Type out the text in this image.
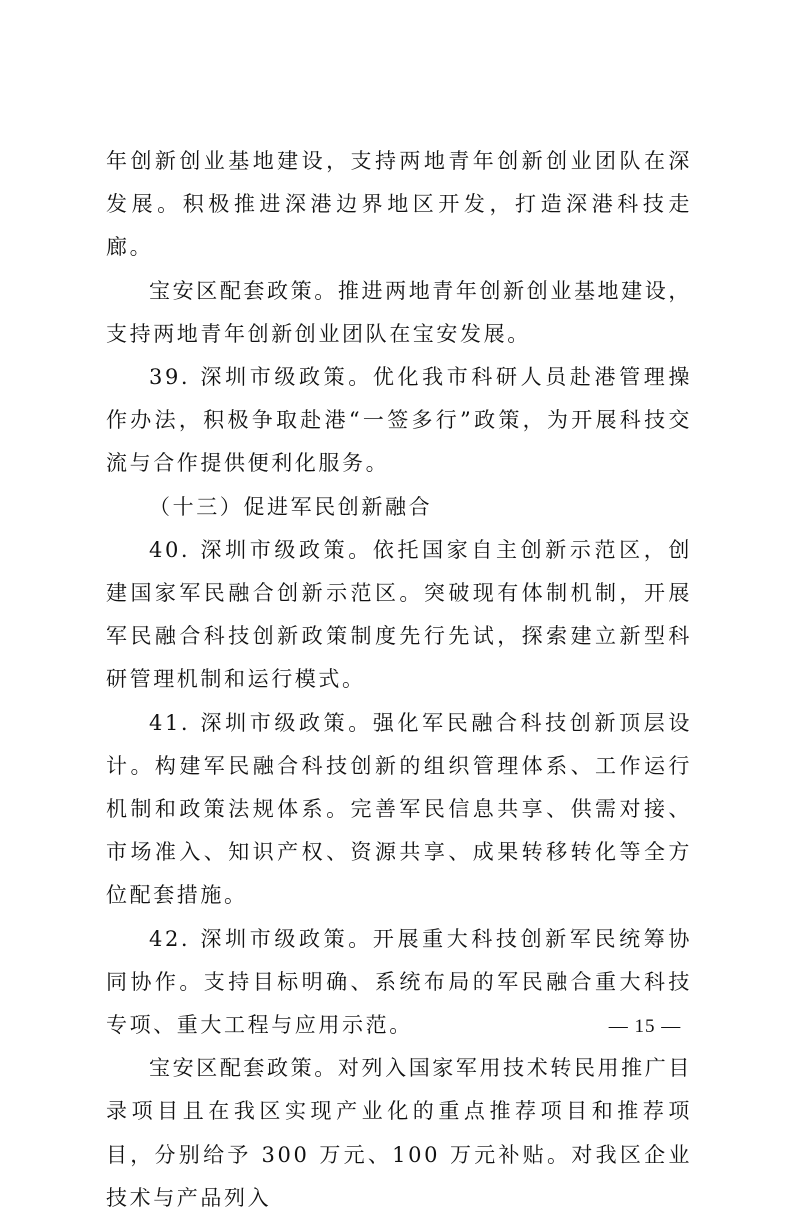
年创新创业基地建设，支持两地青年创新创业团队在深发展。积极推进深港边界地区开发，打造深港科技走廊。

宝安区配套政策。推进两地青年创新创业基地建设，支持两地青年创新创业团队在宝安发展。

39. 深圳市级政策。优化我市科研人员赴港管理操作办法，积极争取赴港“一签多行”政策，为开展科技交流与合作提供便利化服务。

（十三）促进军民创新融合

40. 深圳市级政策。依托国家自主创新示范区，创建国家军民融合创新示范区。突破现有体制机制，开展军民融合科技创新政策制度先行先试，探索建立新型科研管理机制和运行模式。

41. 深圳市级政策。强化军民融合科技创新顶层设计。构建军民融合科技创新的组织管理体系、工作运行机制和政策法规体系。完善军民信息共享、供需对接、市场准入、知识产权、资源共享、成果转移转化等全方位配套措施。

42. 深圳市级政策。开展重大科技创新军民统筹协同协作。支持目标明确、系统布局的军民融合重大科技专项、重大工程与应用示范。

宝安区配套政策。对列入国家军用技术转民用推广目录项目且在我区实现产业化的重点推荐项目和推荐项目，分别给予 300 万元、100 万元补贴。对我区企业技术与产品列入

— 15 —
